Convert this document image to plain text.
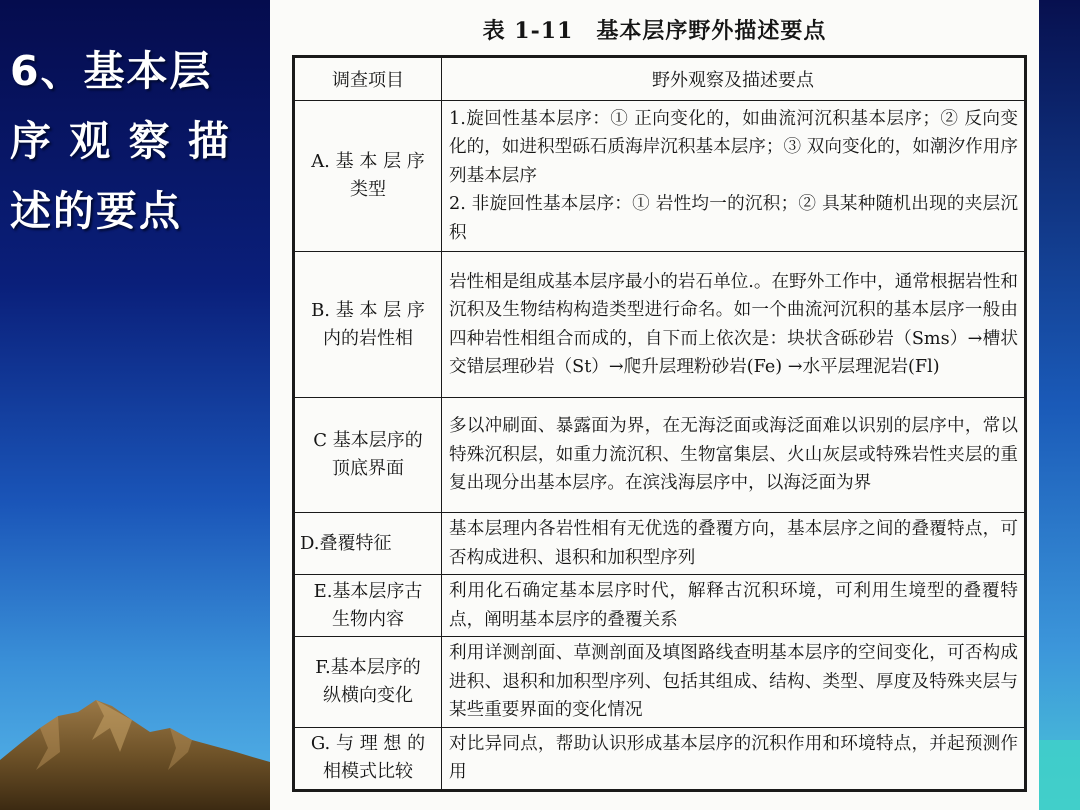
6、基本层
序 观 察 描
述的要点
表 1-11　基本层序野外描述要点
调查项目	野外观察及描述要点

A. 基 本 层 序
类型	1.旋回性基本层序：① 正向变化的，如曲流河沉积基本层序；② 反向变化的，如进积型砾石质海岸沉积基本层序；③ 双向变化的，如潮汐作用序列基本层序
2. 非旋回性基本层序：① 岩性均一的沉积；② 具某种随机出现的夹层沉积

B. 基 本 层 序
内的岩性相	岩性相是组成基本层序最小的岩石单位.。在野外工作中，通常根据岩性和沉积及生物结构构造类型进行命名。如一个曲流河沉积的基本层序一般由四种岩性相组合而成的，自下而上依次是：块状含砾砂岩（Sms）→槽状交错层理砂岩（St）→爬升层理粉砂岩(Fe) →水平层理泥岩(Fl)

C 基本层序的
顶底界面	多以冲刷面、暴露面为界，在无海泛面或海泛面难以识别的层序中，常以特殊沉积层，如重力流沉积、生物富集层、火山灰层或特殊岩性夹层的重复出现分出基本层序。在滨浅海层序中，以海泛面为界

D.叠覆特征	基本层理内各岩性相有无优选的叠覆方向，基本层序之间的叠覆特点，可否构成进积、退积和加积型序列

E.基本层序古
生物内容	利用化石确定基本层序时代，解释古沉积环境，可利用生境型的叠覆特点，阐明基本层序的叠覆关系

F.基本层序的
纵横向变化	利用详测剖面、草测剖面及填图路线查明基本层序的空间变化，可否构成进积、退积和加积型序列、包括其组成、结构、类型、厚度及特殊夹层与某些重要界面的变化情况

G. 与 理 想 的
相模式比较	对比异同点，帮助认识形成基本层序的沉积作用和环境特点，并起预测作用
